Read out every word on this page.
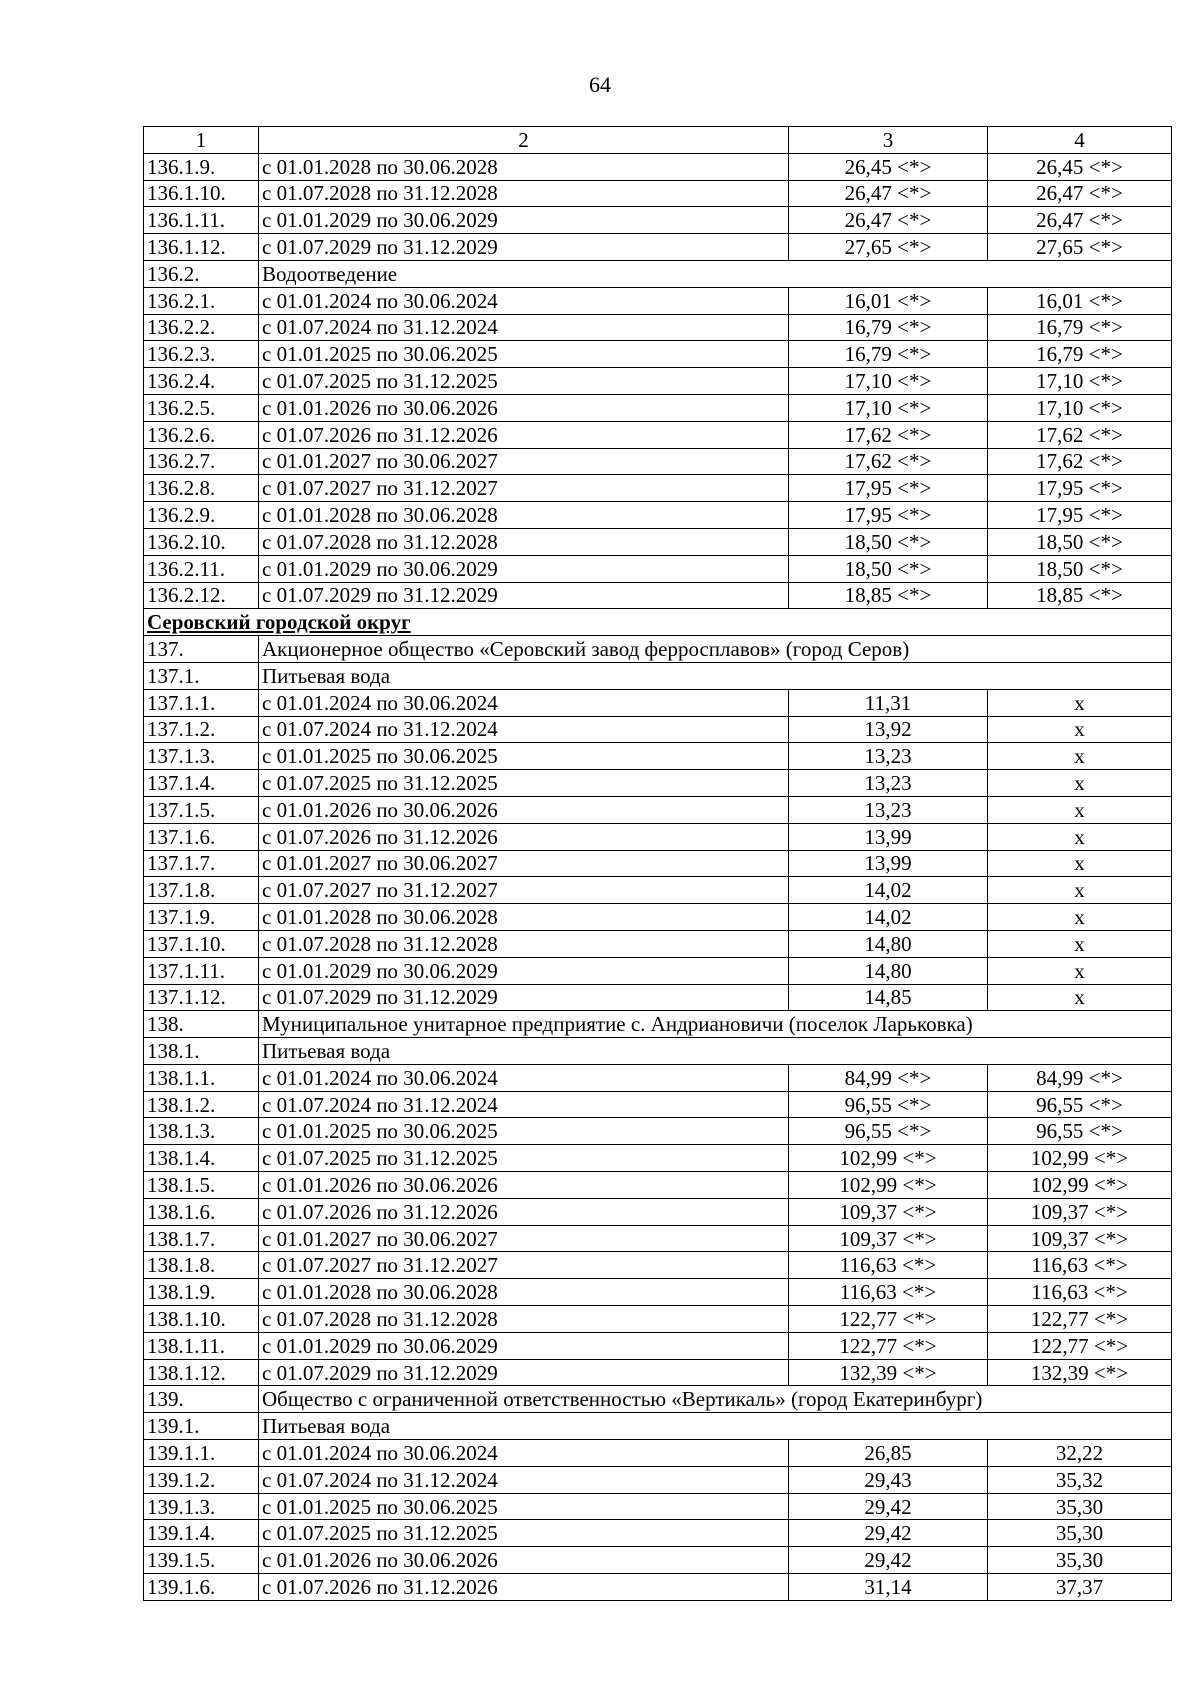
64
1	2	3	4
136.1.9.	с 01.01.2028 по 30.06.2028	26,45 <*>	26,45 <*>
136.1.10.	с 01.07.2028 по 31.12.2028	26,47 <*>	26,47 <*>
136.1.11.	с 01.01.2029 по 30.06.2029	26,47 <*>	26,47 <*>
136.1.12.	с 01.07.2029 по 31.12.2029	27,65 <*>	27,65 <*>
136.2.	Водоотведение		
136.2.1.	с 01.01.2024 по 30.06.2024	16,01 <*>	16,01 <*>
136.2.2.	с 01.07.2024 по 31.12.2024	16,79 <*>	16,79 <*>
136.2.3.	с 01.01.2025 по 30.06.2025	16,79 <*>	16,79 <*>
136.2.4.	с 01.07.2025 по 31.12.2025	17,10 <*>	17,10 <*>
136.2.5.	с 01.01.2026 по 30.06.2026	17,10 <*>	17,10 <*>
136.2.6.	с 01.07.2026 по 31.12.2026	17,62 <*>	17,62 <*>
136.2.7.	с 01.01.2027 по 30.06.2027	17,62 <*>	17,62 <*>
136.2.8.	с 01.07.2027 по 31.12.2027	17,95 <*>	17,95 <*>
136.2.9.	с 01.01.2028 по 30.06.2028	17,95 <*>	17,95 <*>
136.2.10.	с 01.07.2028 по 31.12.2028	18,50 <*>	18,50 <*>
136.2.11.	с 01.01.2029 по 30.06.2029	18,50 <*>	18,50 <*>
136.2.12.	с 01.07.2029 по 31.12.2029	18,85 <*>	18,85 <*>
Серовский городской округ			
137.	Акционерное общество «Серовский завод ферросплавов» (город Серов)		
137.1.	Питьевая вода		
137.1.1.	с 01.01.2024 по 30.06.2024	11,31	х
137.1.2.	с 01.07.2024 по 31.12.2024	13,92	х
137.1.3.	с 01.01.2025 по 30.06.2025	13,23	х
137.1.4.	с 01.07.2025 по 31.12.2025	13,23	х
137.1.5.	с 01.01.2026 по 30.06.2026	13,23	х
137.1.6.	с 01.07.2026 по 31.12.2026	13,99	х
137.1.7.	с 01.01.2027 по 30.06.2027	13,99	х
137.1.8.	с 01.07.2027 по 31.12.2027	14,02	х
137.1.9.	с 01.01.2028 по 30.06.2028	14,02	х
137.1.10.	с 01.07.2028 по 31.12.2028	14,80	х
137.1.11.	с 01.01.2029 по 30.06.2029	14,80	х
137.1.12.	с 01.07.2029 по 31.12.2029	14,85	х
138.	Муниципальное унитарное предприятие с. Андриановичи (поселок Ларьковка)		
138.1.	Питьевая вода		
138.1.1.	с 01.01.2024 по 30.06.2024	84,99 <*>	84,99 <*>
138.1.2.	с 01.07.2024 по 31.12.2024	96,55 <*>	96,55 <*>
138.1.3.	с 01.01.2025 по 30.06.2025	96,55 <*>	96,55 <*>
138.1.4.	с 01.07.2025 по 31.12.2025	102,99 <*>	102,99 <*>
138.1.5.	с 01.01.2026 по 30.06.2026	102,99 <*>	102,99 <*>
138.1.6.	с 01.07.2026 по 31.12.2026	109,37 <*>	109,37 <*>
138.1.7.	с 01.01.2027 по 30.06.2027	109,37 <*>	109,37 <*>
138.1.8.	с 01.07.2027 по 31.12.2027	116,63 <*>	116,63 <*>
138.1.9.	с 01.01.2028 по 30.06.2028	116,63 <*>	116,63 <*>
138.1.10.	с 01.07.2028 по 31.12.2028	122,77 <*>	122,77 <*>
138.1.11.	с 01.01.2029 по 30.06.2029	122,77 <*>	122,77 <*>
138.1.12.	с 01.07.2029 по 31.12.2029	132,39 <*>	132,39 <*>
139.	Общество с ограниченной ответственностью «Вертикаль» (город Екатеринбург)		
139.1.	Питьевая вода		
139.1.1.	с 01.01.2024 по 30.06.2024	26,85	32,22
139.1.2.	с 01.07.2024 по 31.12.2024	29,43	35,32
139.1.3.	с 01.01.2025 по 30.06.2025	29,42	35,30
139.1.4.	с 01.07.2025 по 31.12.2025	29,42	35,30
139.1.5.	с 01.01.2026 по 30.06.2026	29,42	35,30
139.1.6.	с 01.07.2026 по 31.12.2026	31,14	37,37
